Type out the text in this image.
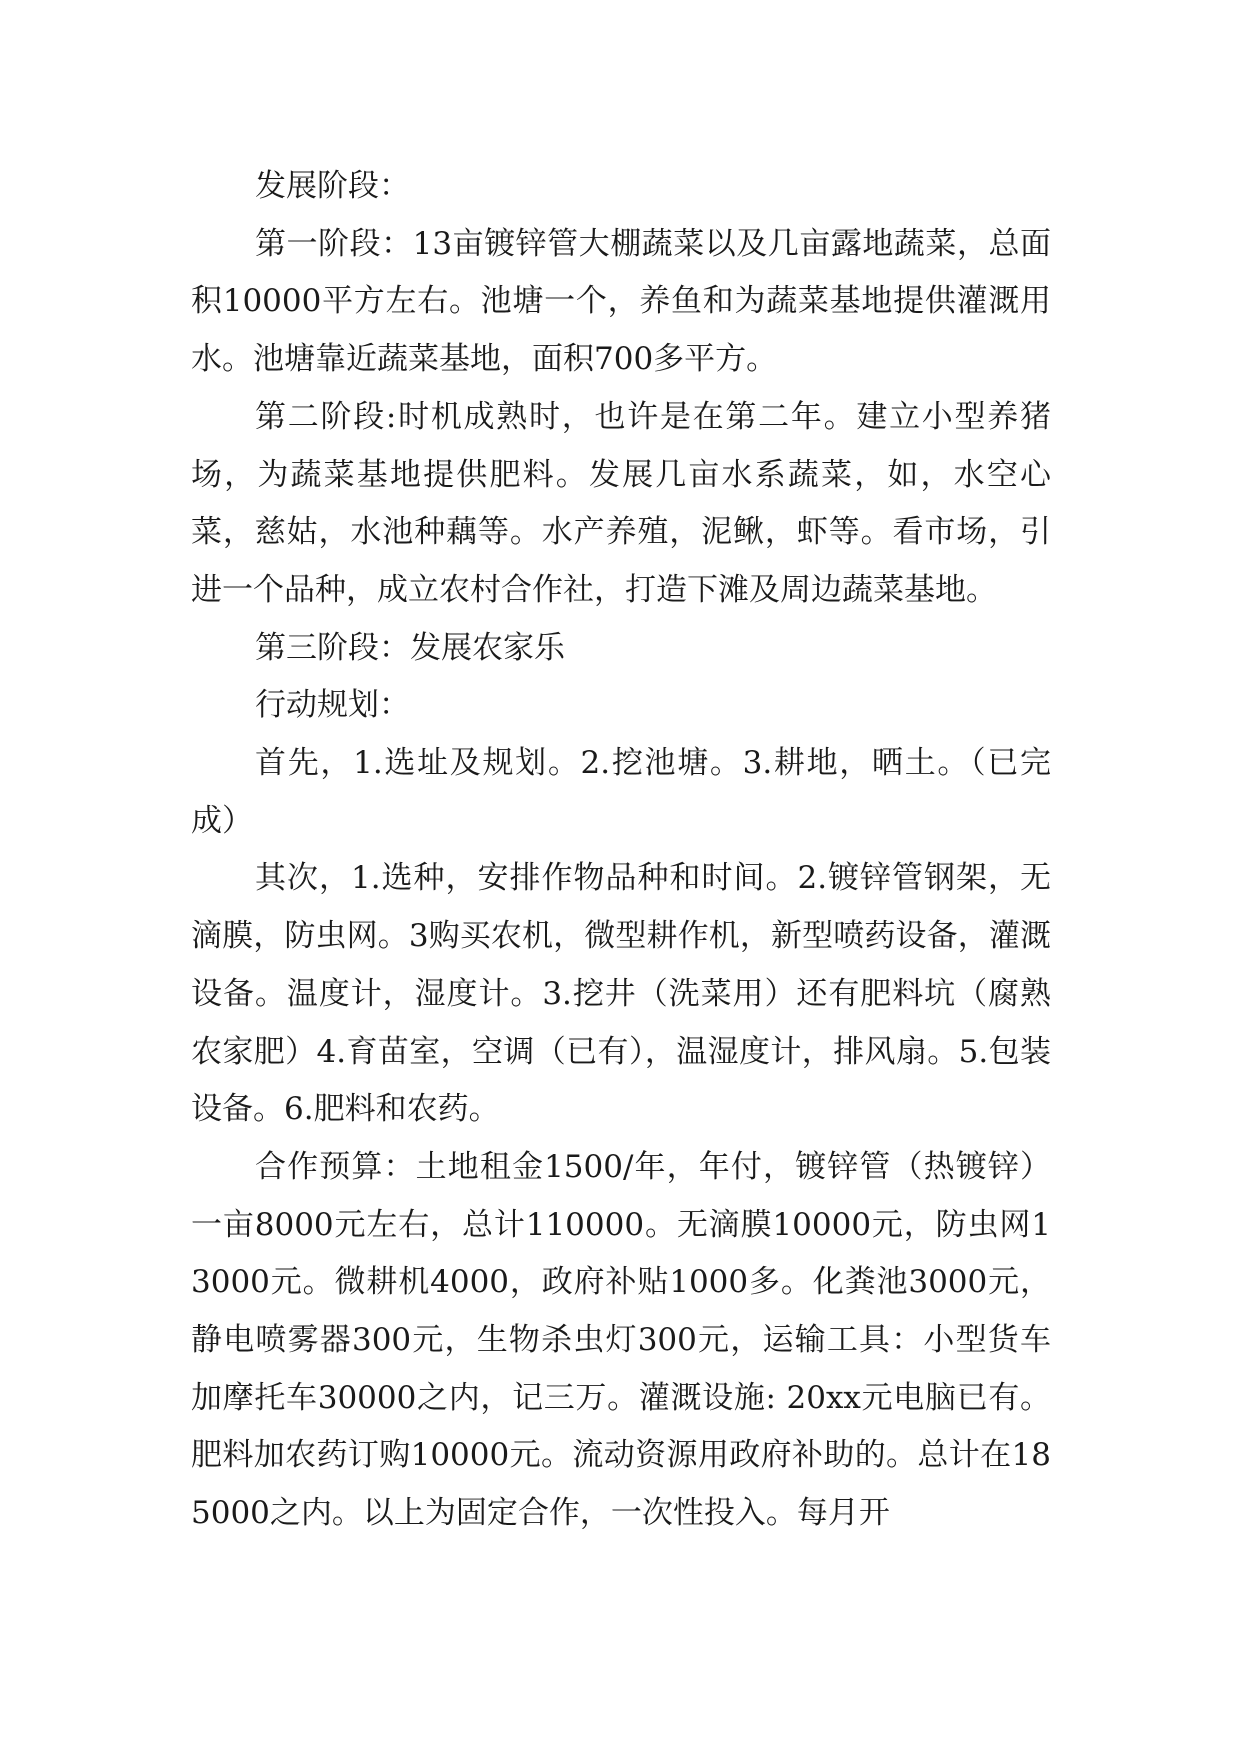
发展阶段：

第一阶段：13亩镀锌管大棚蔬菜以及几亩露地蔬菜，总面积10000平方左右。池塘一个，养鱼和为蔬菜基地提供灌溉用水。池塘靠近蔬菜基地，面积700多平方。

第二阶段:时机成熟时，也许是在第二年。建立小型养猪场，为蔬菜基地提供肥料。发展几亩水系蔬菜，如，水空心菜，慈姑，水池种藕等。水产养殖，泥鳅，虾等。看市场，引进一个品种，成立农村合作社，打造下滩及周边蔬菜基地。

第三阶段：发展农家乐

行动规划：

首先，1.选址及规划。2.挖池塘。3.耕地，晒土。（已完成）

其次，1.选种，安排作物品种和时间。2.镀锌管钢架，无滴膜，防虫网。3购买农机，微型耕作机，新型喷药设备，灌溉设备。温度计，湿度计。3.挖井（洗菜用）还有肥料坑（腐熟农家肥）4.育苗室，空调（已有），温湿度计，排风扇。5.包装设备。6.肥料和农药。

合作预算：土地租金1500/年，年付，镀锌管（热镀锌）一亩8000元左右，总计110000。无滴膜10000元，防虫网13000元。微耕机4000，政府补贴1000多。化粪池3000元，静电喷雾器300元，生物杀虫灯300元，运输工具：小型货车加摩托车30000之内，记三万。灌溉设施: 20xx元电脑已有。肥料加农药订购10000元。流动资源用政府补助的。总计在185000之内。以上为固定合作，一次性投入。每月开
